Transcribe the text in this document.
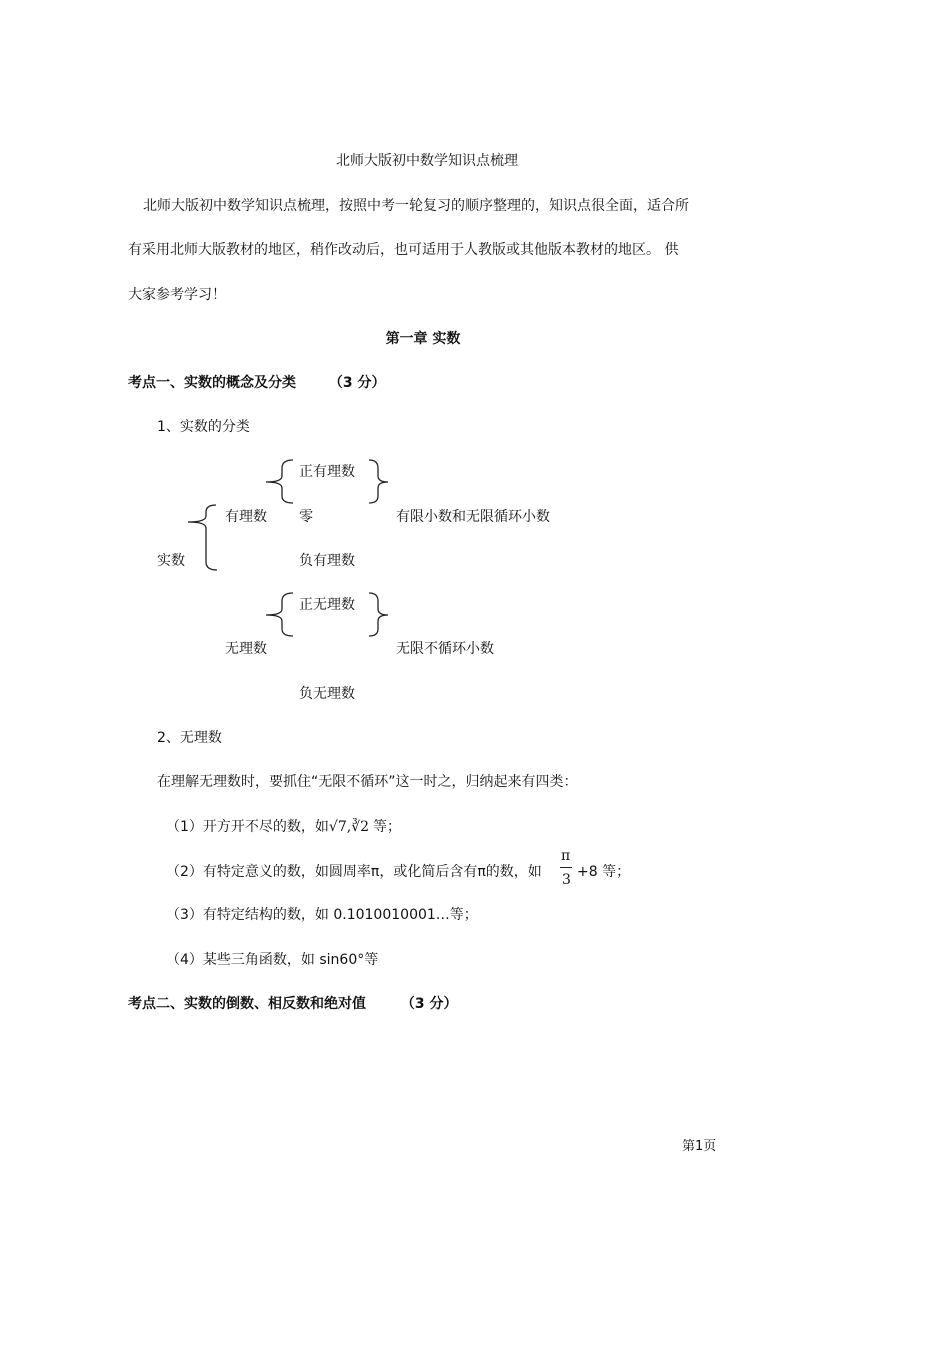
北师大版初中数学知识点梳理
北师大版初中数学知识点梳理，按照中考一轮复习的顺序整理的，知识点很全面，适合所
有采用北师大版教材的地区，稍作改动后，也可适用于人教版或其他版本教材的地区。 供
大家参考学习！
第一章 实数
考点一、实数的概念及分类 （3 分）
1、实数的分类
正有理数
有理数 零	有限小数和无限循环小数
实数	负有理数
正无理数
无理数	无限不循环小数
负无理数
2、无理数
在理解无理数时，要抓住“无限不循环”这一时之，归纳起来有四类：
（1）开方开不尽的数，如√7,∛2 等；
（2）有特定意义的数，如圆周率π，或化简后含有π的数，如
π
3 +8 等；
（3）有特定结构的数，如 0.1010010001…等；
（4）某些三角函数，如 sin60°等
考点二、实数的倒数、相反数和绝对值 （3 分）
第1页
